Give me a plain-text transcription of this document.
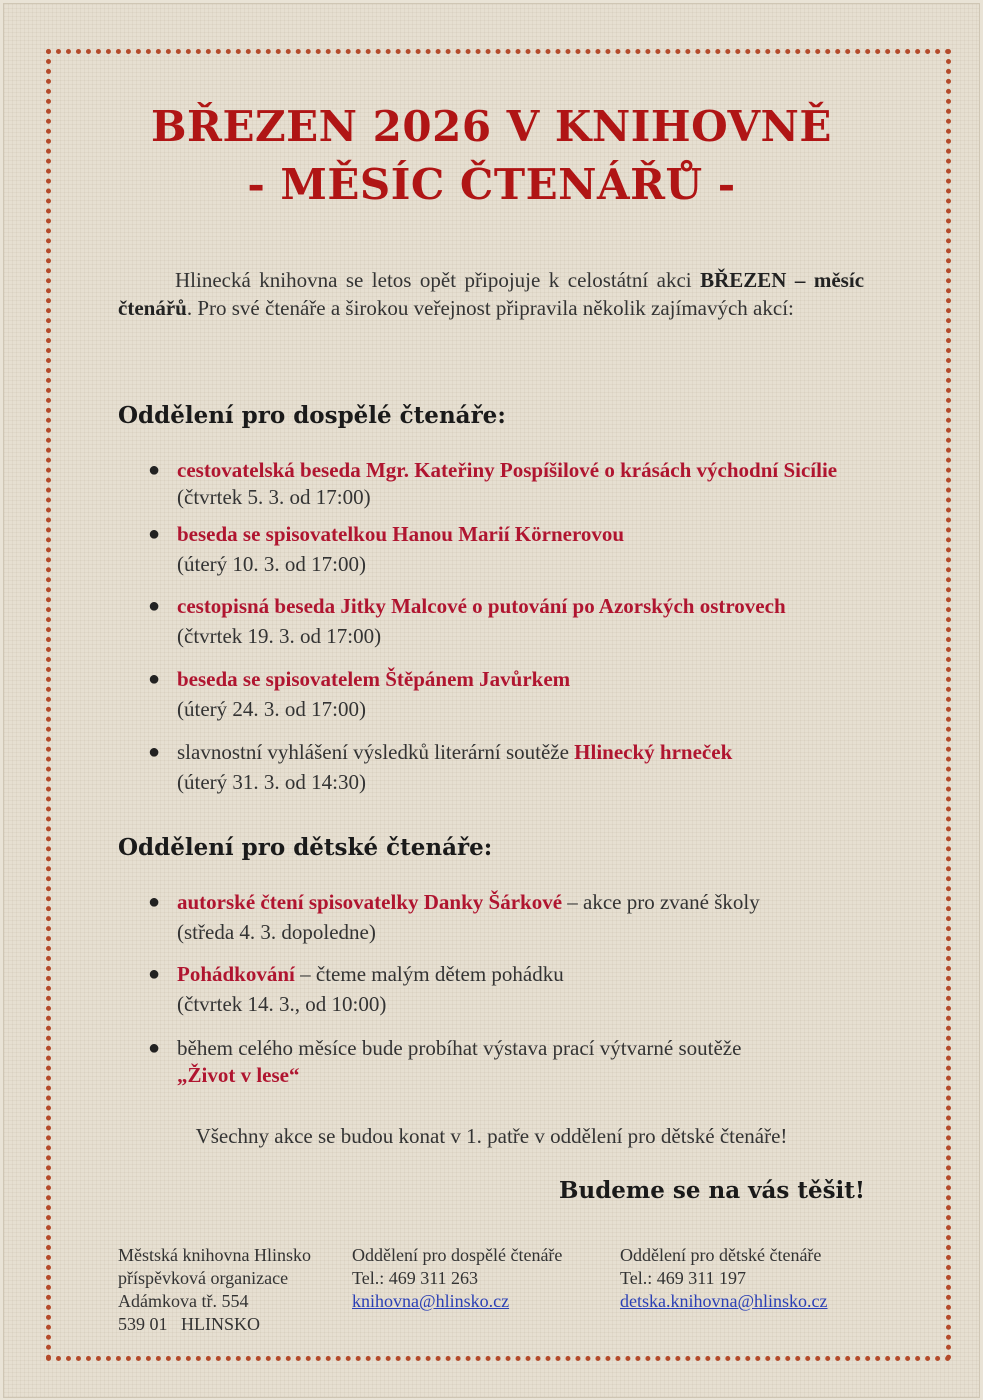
BŘEZEN 2026 V KNIHOVNĚ
- MĚSÍC ČTENÁŘŮ -
Hlinecká knihovna se letos opět připojuje k celostátní akci BŘEZEN – měsíc čtenářů. Pro své čtenáře a širokou veřejnost připravila několik zajímavých akcí:
Oddělení pro dospělé čtenáře:
● cestovatelská beseda Mgr. Kateřiny Pospíšilové o krásách východní Sicílie (čtvrtek 5. 3. od 17:00)
● beseda se spisovatelkou Hanou Marií Körnerovou
(úterý 10. 3. od 17:00)
● cestopisná beseda Jitky Malcové o putování po Azorských ostrovech
(čtvrtek 19. 3. od 17:00)
● beseda se spisovatelem Štěpánem Javůrkem
(úterý 24. 3. od 17:00)
● slavnostní vyhlášení výsledků literární soutěže Hlinecký hrneček
(úterý 31. 3. od 14:30)
Oddělení pro dětské čtenáře:
● autorské čtení spisovatelky Danky Šárkové – akce pro zvané školy
(středa 4. 3. dopoledne)
● Pohádkování – čteme malým dětem pohádku
(čtvrtek 14. 3., od 10:00)
● během celého měsíce bude probíhat výstava prací výtvarné soutěže
„Život v lese“
Všechny akce se budou konat v 1. patře v oddělení pro dětské čtenáře!
Budeme se na vás těšit!
Městská knihovna Hlinsko
příspěvková organizace
Adámkova tř. 554
539 01   HLINSKO
Oddělení pro dospělé čtenáře
Tel.: 469 311 263
knihovna@hlinsko.cz
Oddělení pro dětské čtenáře
Tel.: 469 311 197
detska.knihovna@hlinsko.cz
